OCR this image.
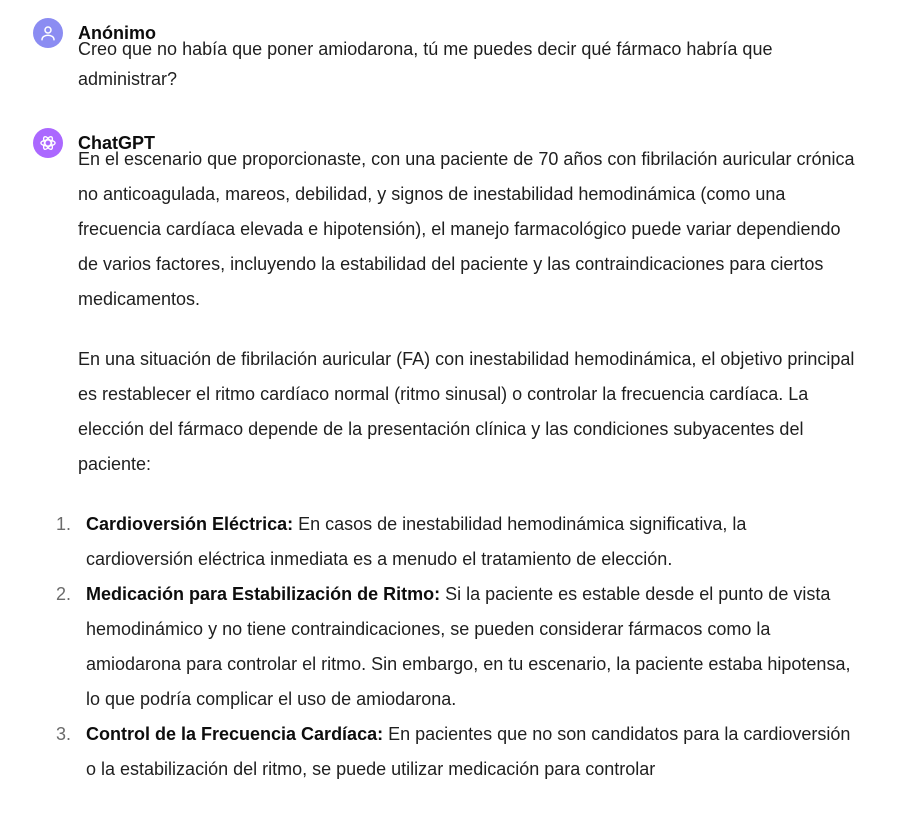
Anónimo
Creo que no había que poner amiodarona, tú me puedes decir qué fármaco habría que administrar?
ChatGPT

En el escenario que proporcionaste, con una paciente de 70 años con fibrilación auricular crónica no anticoagulada, mareos, debilidad, y signos de inestabilidad hemodinámica (como una frecuencia cardíaca elevada e hipotensión), el manejo farmacológico puede variar dependiendo de varios factores, incluyendo la estabilidad del paciente y las contraindicaciones para ciertos medicamentos.

En una situación de fibrilación auricular (FA) con inestabilidad hemodinámica, el objetivo principal es restablecer el ritmo cardíaco normal (ritmo sinusal) o controlar la frecuencia cardíaca. La elección del fármaco depende de la presentación clínica y las condiciones subyacentes del paciente:

1. Cardioversión Eléctrica: En casos de inestabilidad hemodinámica significativa, la cardioversión eléctrica inmediata es a menudo el tratamiento de elección.
2. Medicación para Estabilización de Ritmo: Si la paciente es estable desde el punto de vista hemodinámico y no tiene contraindicaciones, se pueden considerar fármacos como la amiodarona para controlar el ritmo. Sin embargo, en tu escenario, la paciente estaba hipotensa, lo que podría complicar el uso de amiodarona.
3. Control de la Frecuencia Cardíaca: En pacientes que no son candidatos para la cardioversión o la estabilización del ritmo, se puede utilizar medicación para controlar
